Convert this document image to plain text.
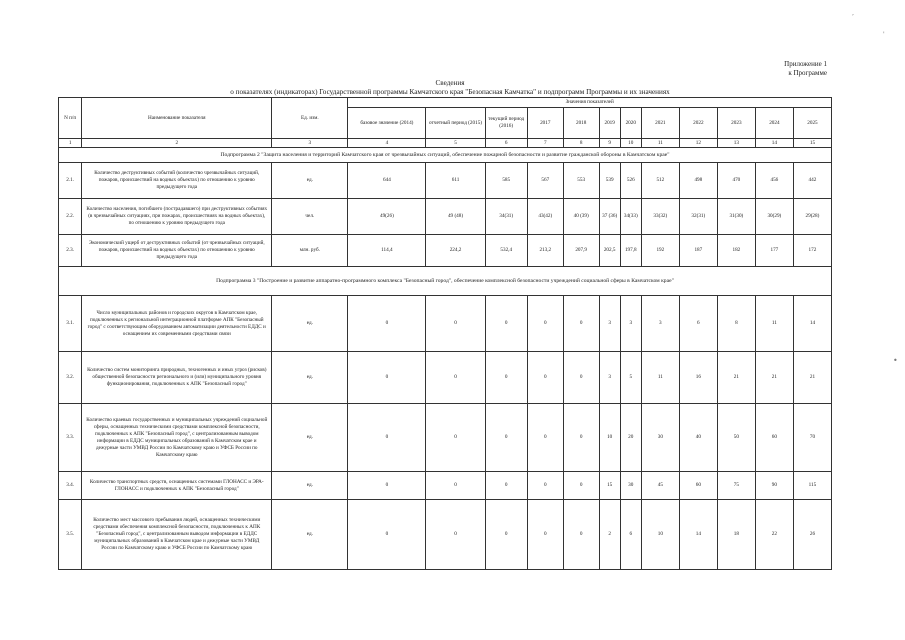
Приложение 1
к Программе
Сведения
о показателях (индикаторах) Государственной программы Камчатского края "Безопасная Камчатка" и подпрограмм Программы и их значениях
‚
'
•
N п/п	Наименование показателя	Ед. изм.	Значения показателей											
			базовое значение (2014)	отчетный период (2015)	текущий период (2016)	2017	2018	2019	2020	2021	2022	2023	2024	2025
1	2	3	4	5	6	7	8	9	10	11	12	13	14	15
Подпрограмма 2 "Защита населения и территорий Камчатского края от чрезвычайных ситуаций, обеспечение пожарной безопасности и развитие гражданской обороны в Камчатском крае"														
2.1.	Количество деструктивных событий (количество чрезвычайных ситуаций, пожаров, происшествий на водных объектах) по отношению к уровню предыдущего года	ед.	644	611	585	567	553	539	526	512	498	470	456	442
2.2.	Количество населения, погибшего (пострадавшего) при деструктивных событиях (в чрезвычайных ситуациях, при пожарах, происшествиях на водных объектах), по отношению к уровню предыдущего года	чел.	49(26)	49 (48)	34(31)	43(42)	40 (39)	37 (36)	34(33)	33(32)	32(31)	31(30)	30(29)	29(28)
2.3.	Экономический ущерб от деструктивных событий (от чрезвычайных ситуаций, пожаров, происшествий на водных объектах) по отношению к уровню предыдущего года	млн. руб.	114,4	224,2	532,4	213,2	207,9	202,5	197,8	192	187	182	177	172
Подпрограмма 3 "Построение и развитие аппаратно-программного комплекса "Безопасный город", обеспечение комплексной безопасности учреждений социальной сферы в Камчатском крае"														
3.1.	Число муниципальных районов и городских округов в Камчатском крае, подключенных к региональной интеграционной платформе АПК "Безопасный город" с соответствующим оборудованием автоматизации деятельности ЕДДС и оснащением их современными средствами связи	ед.	0	0	0	0	0	3	3	3	6	8	11	14
3.2.	Количество систем мониторинга природных, техногенных и иных угроз (рисков) общественной безопасности регионального и (или) муниципального уровня функционирования, подключенных к АПК "Безопасный город"	ед.	0	0	0	0	0	3	5	11	16	21	21	21
3.3.	Количество краевых государственных и муниципальных учреждений социальной сферы, оснащенных техническими средствами комплексной безопасности, подключенных к АПК "Безопасный город", с централизованным выводом информации в ЕДДС муниципальных образований в Камчатском крае и дежурные части УМВД России по Камчатскому краю и УФСБ России по Камчатскому краю	ед.	0	0	0	0	0	10	20	30	40	50	60	70
3.4.	Количество транспортных средств, оснащенных системами ГЛОНАСС и ЭРА-ГЛОНАСС и подключенных к АПК "Безопасный город"	ед.	0	0	0	0	0	15	30	45	60	75	90	115
3.5.	Количество мест массового пребывания людей, оснащенных техническими средствами обеспечения комплексной безопасности, подключенных к АПК "Безопасный город", с централизованным выводом информации в ЕДДС муниципальных образований в Камчатском крае и дежурные части УМВД России по Камчатскому краю и УФСБ России по Камчатскому краю	ед.	0	0	0	0	0	2	6	10	14	18	22	26
